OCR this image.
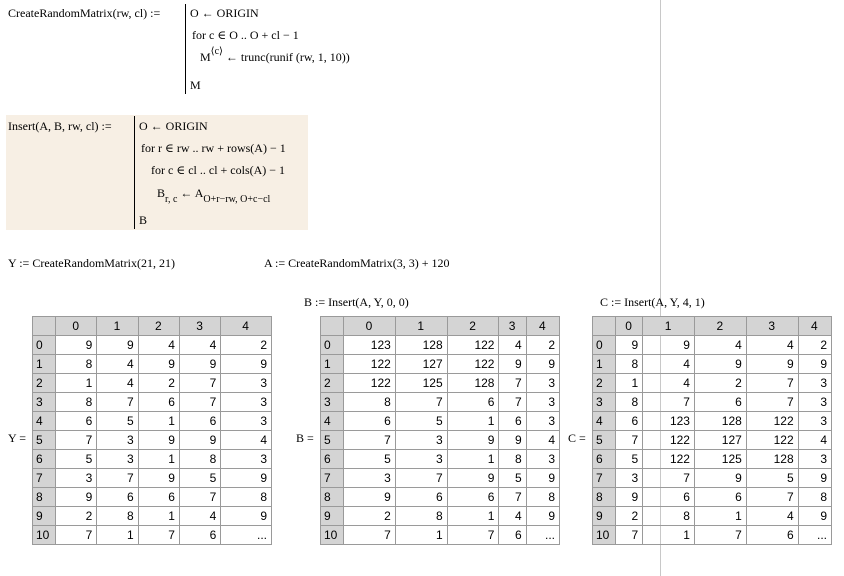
CreateRandomMatrix(rw, cl) := O ← ORIGIN
for c ∈ O .. O + cl − 1
$M^{⟨c⟩}$ ← trunc(runif (rw, 1, 10))
M
Insert(A, B, rw, cl) := O ← ORIGIN
for r ∈ rw .. rw + rows(A) − 1
for c ∈ cl .. cl + cols(A) − 1
$B_{r, c}$ ← $A_{O+r-rw, O+c-cl}$
B
Y := CreateRandomMatrix(21, 21)	A := CreateRandomMatrix(3, 3) + 120
B := Insert(A, Y, 0, 0)	C := Insert(A, Y, 4, 1)
Y =	B =	C =
	0	1	2	3	4
0	9	9	4	4	2
1	8	4	9	9	9
2	1	4	2	7	3
3	8	7	6	7	3
4	6	5	1	6	3
5	7	3	9	9	4
6	5	3	1	8	3
7	3	7	9	5	9
8	9	6	6	7	8
9	2	8	1	4	9
10	7	1	7	6	...
	0	1	2	3	4
0	123	128	122	4	2
1	122	127	122	9	9
2	122	125	128	7	3
3	8	7	6	7	3
4	6	5	1	6	3
5	7	3	9	9	4
6	5	3	1	8	3
7	3	7	9	5	9
8	9	6	6	7	8
9	2	8	1	4	9
10	7	1	7	6	...
	0	1	2	3	4
0	9	9	4	4	2
1	8	4	9	9	9
2	1	4	2	7	3
3	8	7	6	7	3
4	6	123	128	122	3
5	7	122	127	122	4
6	5	122	125	128	3
7	3	7	9	5	9
8	9	6	6	7	8
9	2	8	1	4	9
10	7	1	7	6	...
